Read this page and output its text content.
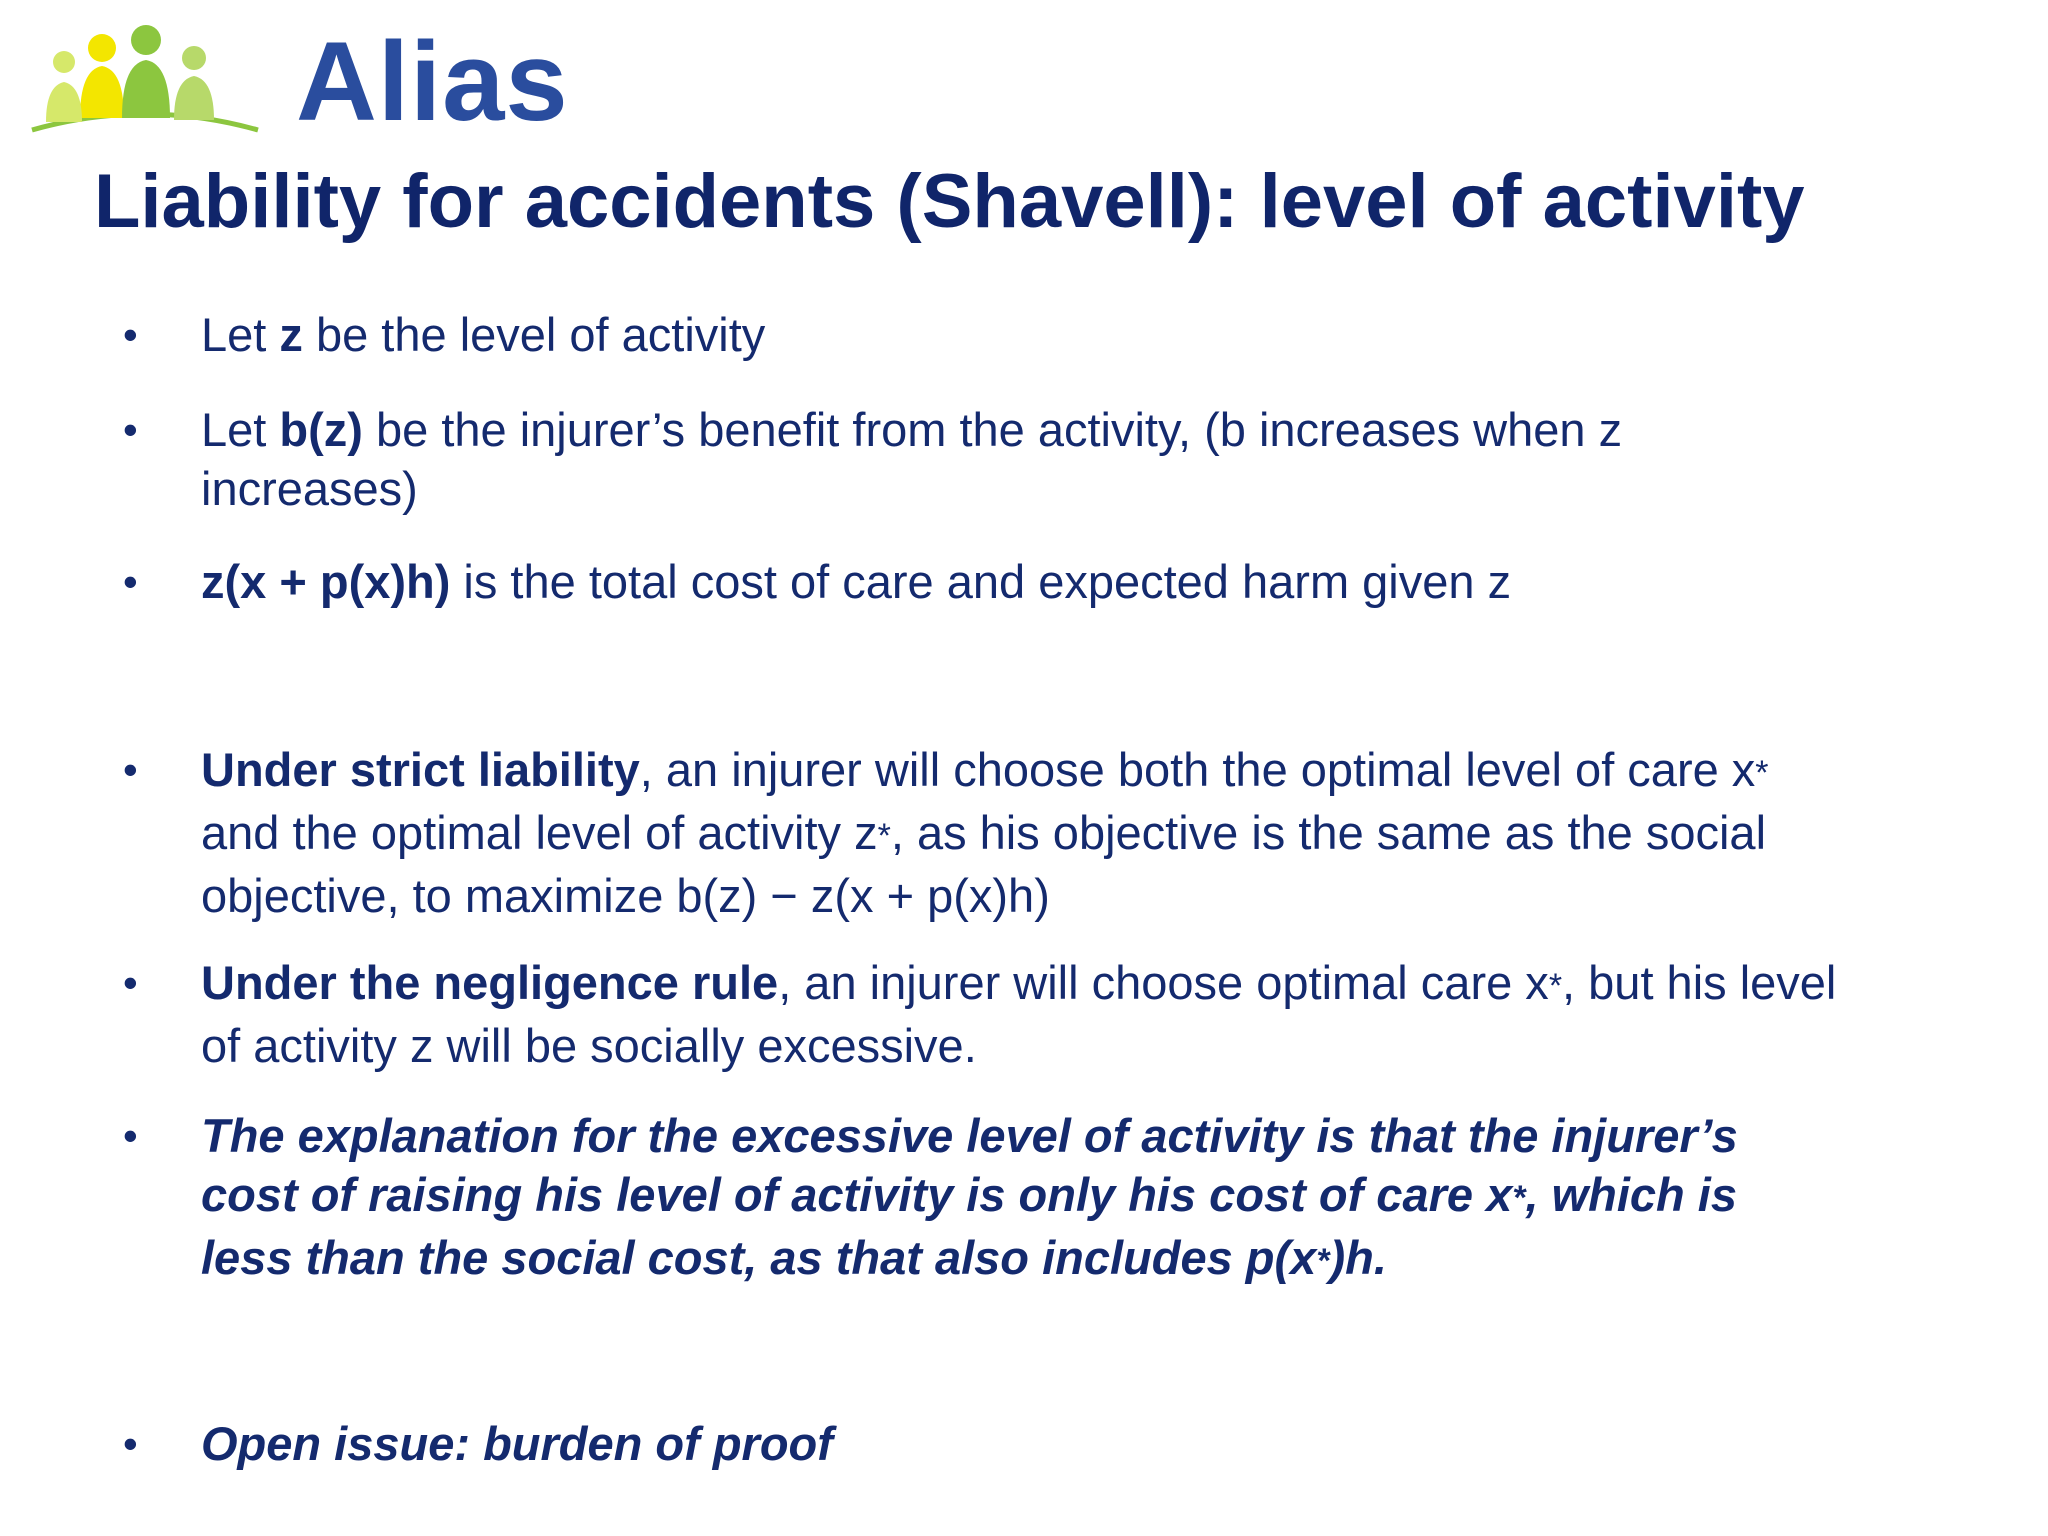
Alias
Liability for accidents (Shavell): level of activity
• Let z be the level of activity
• Let b(z) be the injurer’s benefit from the activity, (b increases when z increases)
• z(x + p(x)h) is the total cost of care and expected harm given z
• Under strict liability, an injurer will choose both the optimal level of care x* and the optimal level of activity z*, as his objective is the same as the social objective, to maximize b(z) − z(x + p(x)h)
• Under the negligence rule, an injurer will choose optimal care x*, but his level of activity z will be socially excessive.
• The explanation for the excessive level of activity is that the injurer’s cost of raising his level of activity is only his cost of care x*, which is less than the social cost, as that also includes p(x*)h.
• Open issue: burden of proof
